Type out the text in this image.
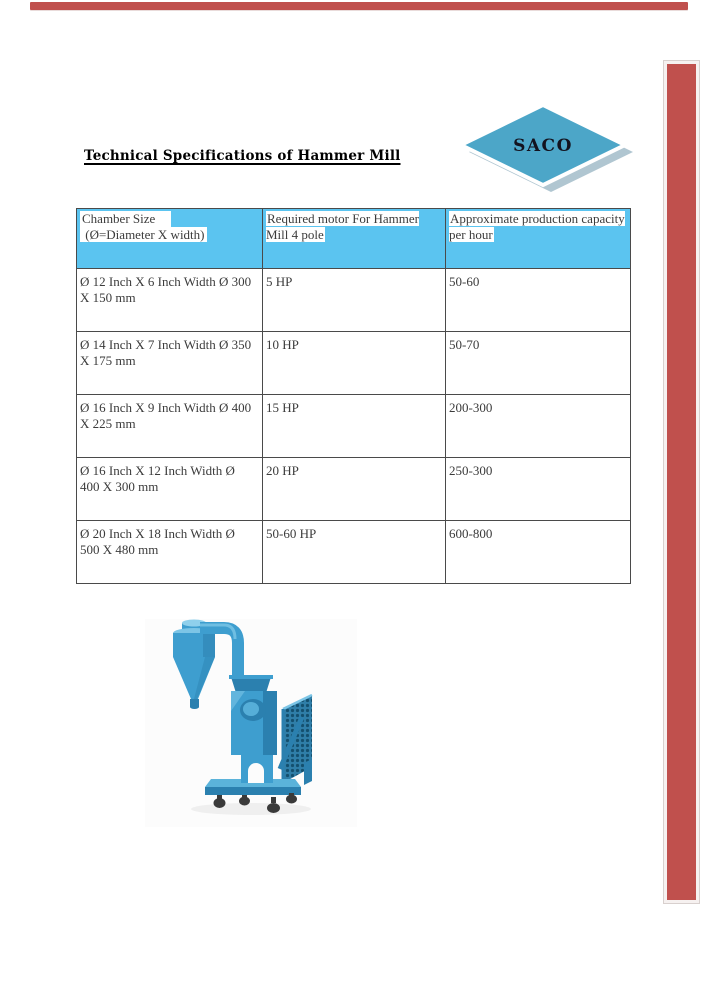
SACO
Technical Specifications of Hammer Mill
Chamber Size
(Ø=Diameter X width)	Required motor For Hammer Mill 4 pole	Approximate production capacity per hour
Ø 12 Inch X 6 Inch Width Ø 300 X 150 mm	5 HP	50-60
Ø 14 Inch X 7 Inch Width Ø 350 X 175 mm	10 HP	50-70
Ø 16 Inch X 9 Inch Width Ø 400 X 225 mm	15 HP	200-300
Ø 16 Inch X 12 Inch Width Ø 400 X 300 mm	20 HP	250-300
Ø 20 Inch X 18 Inch Width Ø 500 X 480 mm	50-60 HP	600-800
